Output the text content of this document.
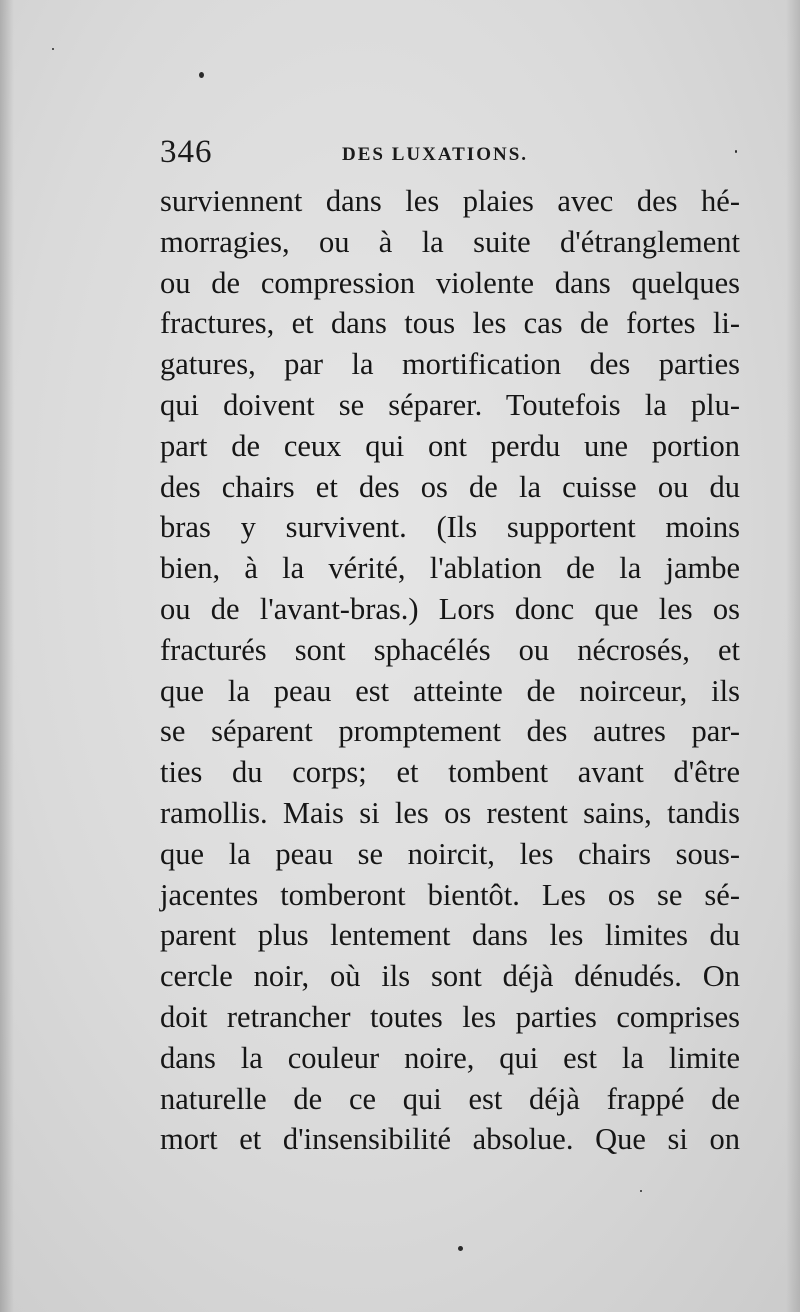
346	DES LUXATIONS.
surviennent dans les plaies avec des hé-
morragies, ou à la suite d'étranglement
ou de compression violente dans quelques
fractures, et dans tous les cas de fortes li-
gatures, par la mortification des parties
qui doivent se séparer. Toutefois la plu-
part de ceux qui ont perdu une portion
des chairs et des os de la cuisse ou du
bras y survivent. (Ils supportent moins
bien, à la vérité, l'ablation de la jambe
ou de l'avant-bras.) Lors donc que les os
fracturés sont sphacélés ou nécrosés, et
que la peau est atteinte de noirceur, ils
se séparent promptement des autres par-
ties du corps; et tombent avant d'être
ramollis. Mais si les os restent sains, tandis
que la peau se noircit, les chairs sous-
jacentes tomberont bientôt. Les os se sé-
parent plus lentement dans les limites du
cercle noir, où ils sont déjà dénudés. On
doit retrancher toutes les parties comprises
dans la couleur noire, qui est la limite
naturelle de ce qui est déjà frappé de
mort et d'insensibilité absolue. Que si on
